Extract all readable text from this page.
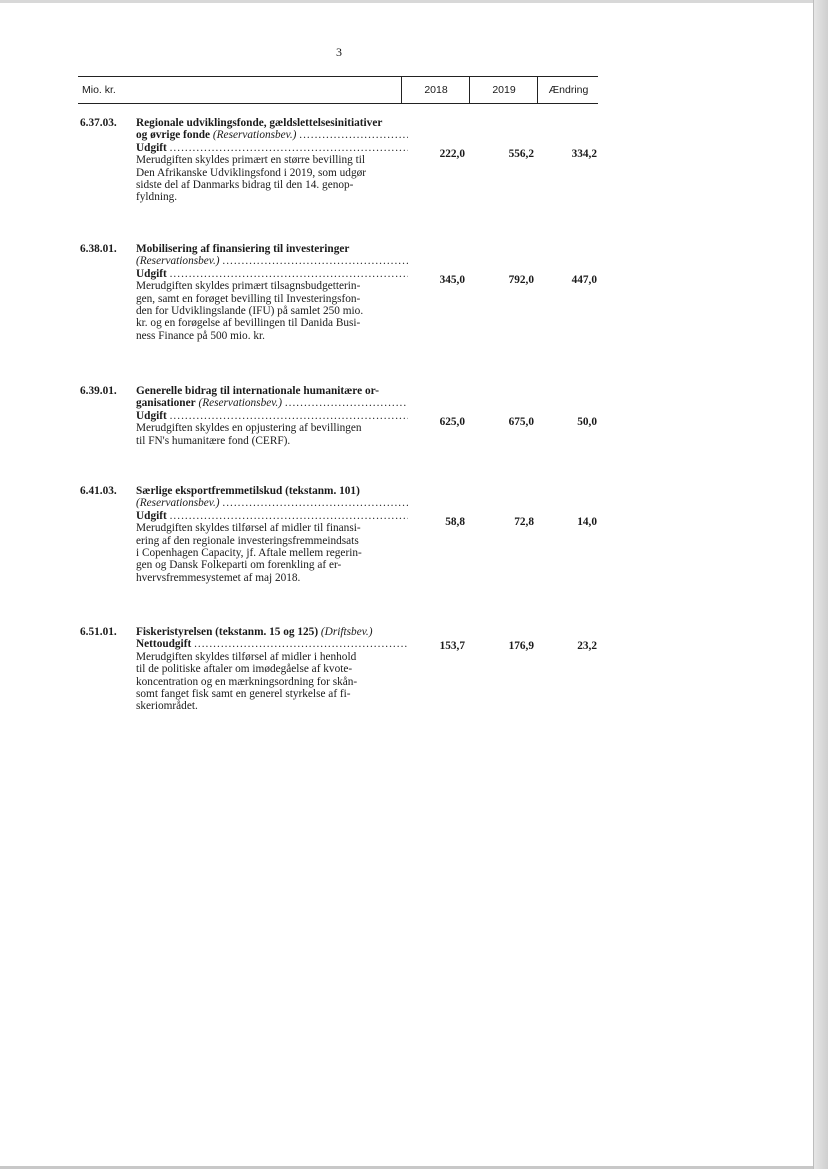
3
Mio. kr.	2018	2019	Ændring
6.37.03. Regionale udviklingsfonde, gældslettelsesinitiativer
og øvrige fonde
(Reservationsbev.)

.....
Udgift

.....
Merudgiften skyldes primært en større bevilling til
Den Afrikanske Udviklingsfond i 2019, som udgør
sidste del af Danmarks bidrag til den 14. genop-
fyldning.
222,0	556,2	334,2
6.38.01. Mobilisering af finansiering til investeringer
(Reservationsbev.)

.....
Udgift

.....
Merudgiften skyldes primært tilsagnsbudgetterin-
gen, samt en forøget bevilling til Investeringsfon-
den for Udviklingslande (IFU) på samlet 250 mio.
kr. og en forøgelse af bevillingen til Danida Busi-
ness Finance på 500 mio. kr.
345,0	792,0	447,0
6.39.01. Generelle bidrag til internationale humanitære or-
ganisationer
(Reservationsbev.)

.....
Udgift

.....
Merudgiften skyldes en opjustering af bevillingen
til FN's humanitære fond (CERF).
625,0	675,0	50,0
6.41.03. Særlige eksportfremmetilskud (tekstanm. 101)
(Reservationsbev.)

.....
Udgift

.....
Merudgiften skyldes tilførsel af midler til finansi-
ering af den regionale investeringsfremmeindsats
i Copenhagen Capacity, jf. Aftale mellem regerin-
gen og Dansk Folkeparti om forenkling af er-
hvervsfremmesystemet af maj 2018.
58,8	72,8	14,0
6.51.01. Fiskeristyrelsen (tekstanm. 15 og 125)
(Driftsbev.)
Nettoudgift

.....
Merudgiften skyldes tilførsel af midler i henhold
til de politiske aftaler om imødegåelse af kvote-
koncentration og en mærkningsordning for skån-
somt fanget fisk samt en generel styrkelse af fi-
skeriområdet.
153,7	176,9	23,2
